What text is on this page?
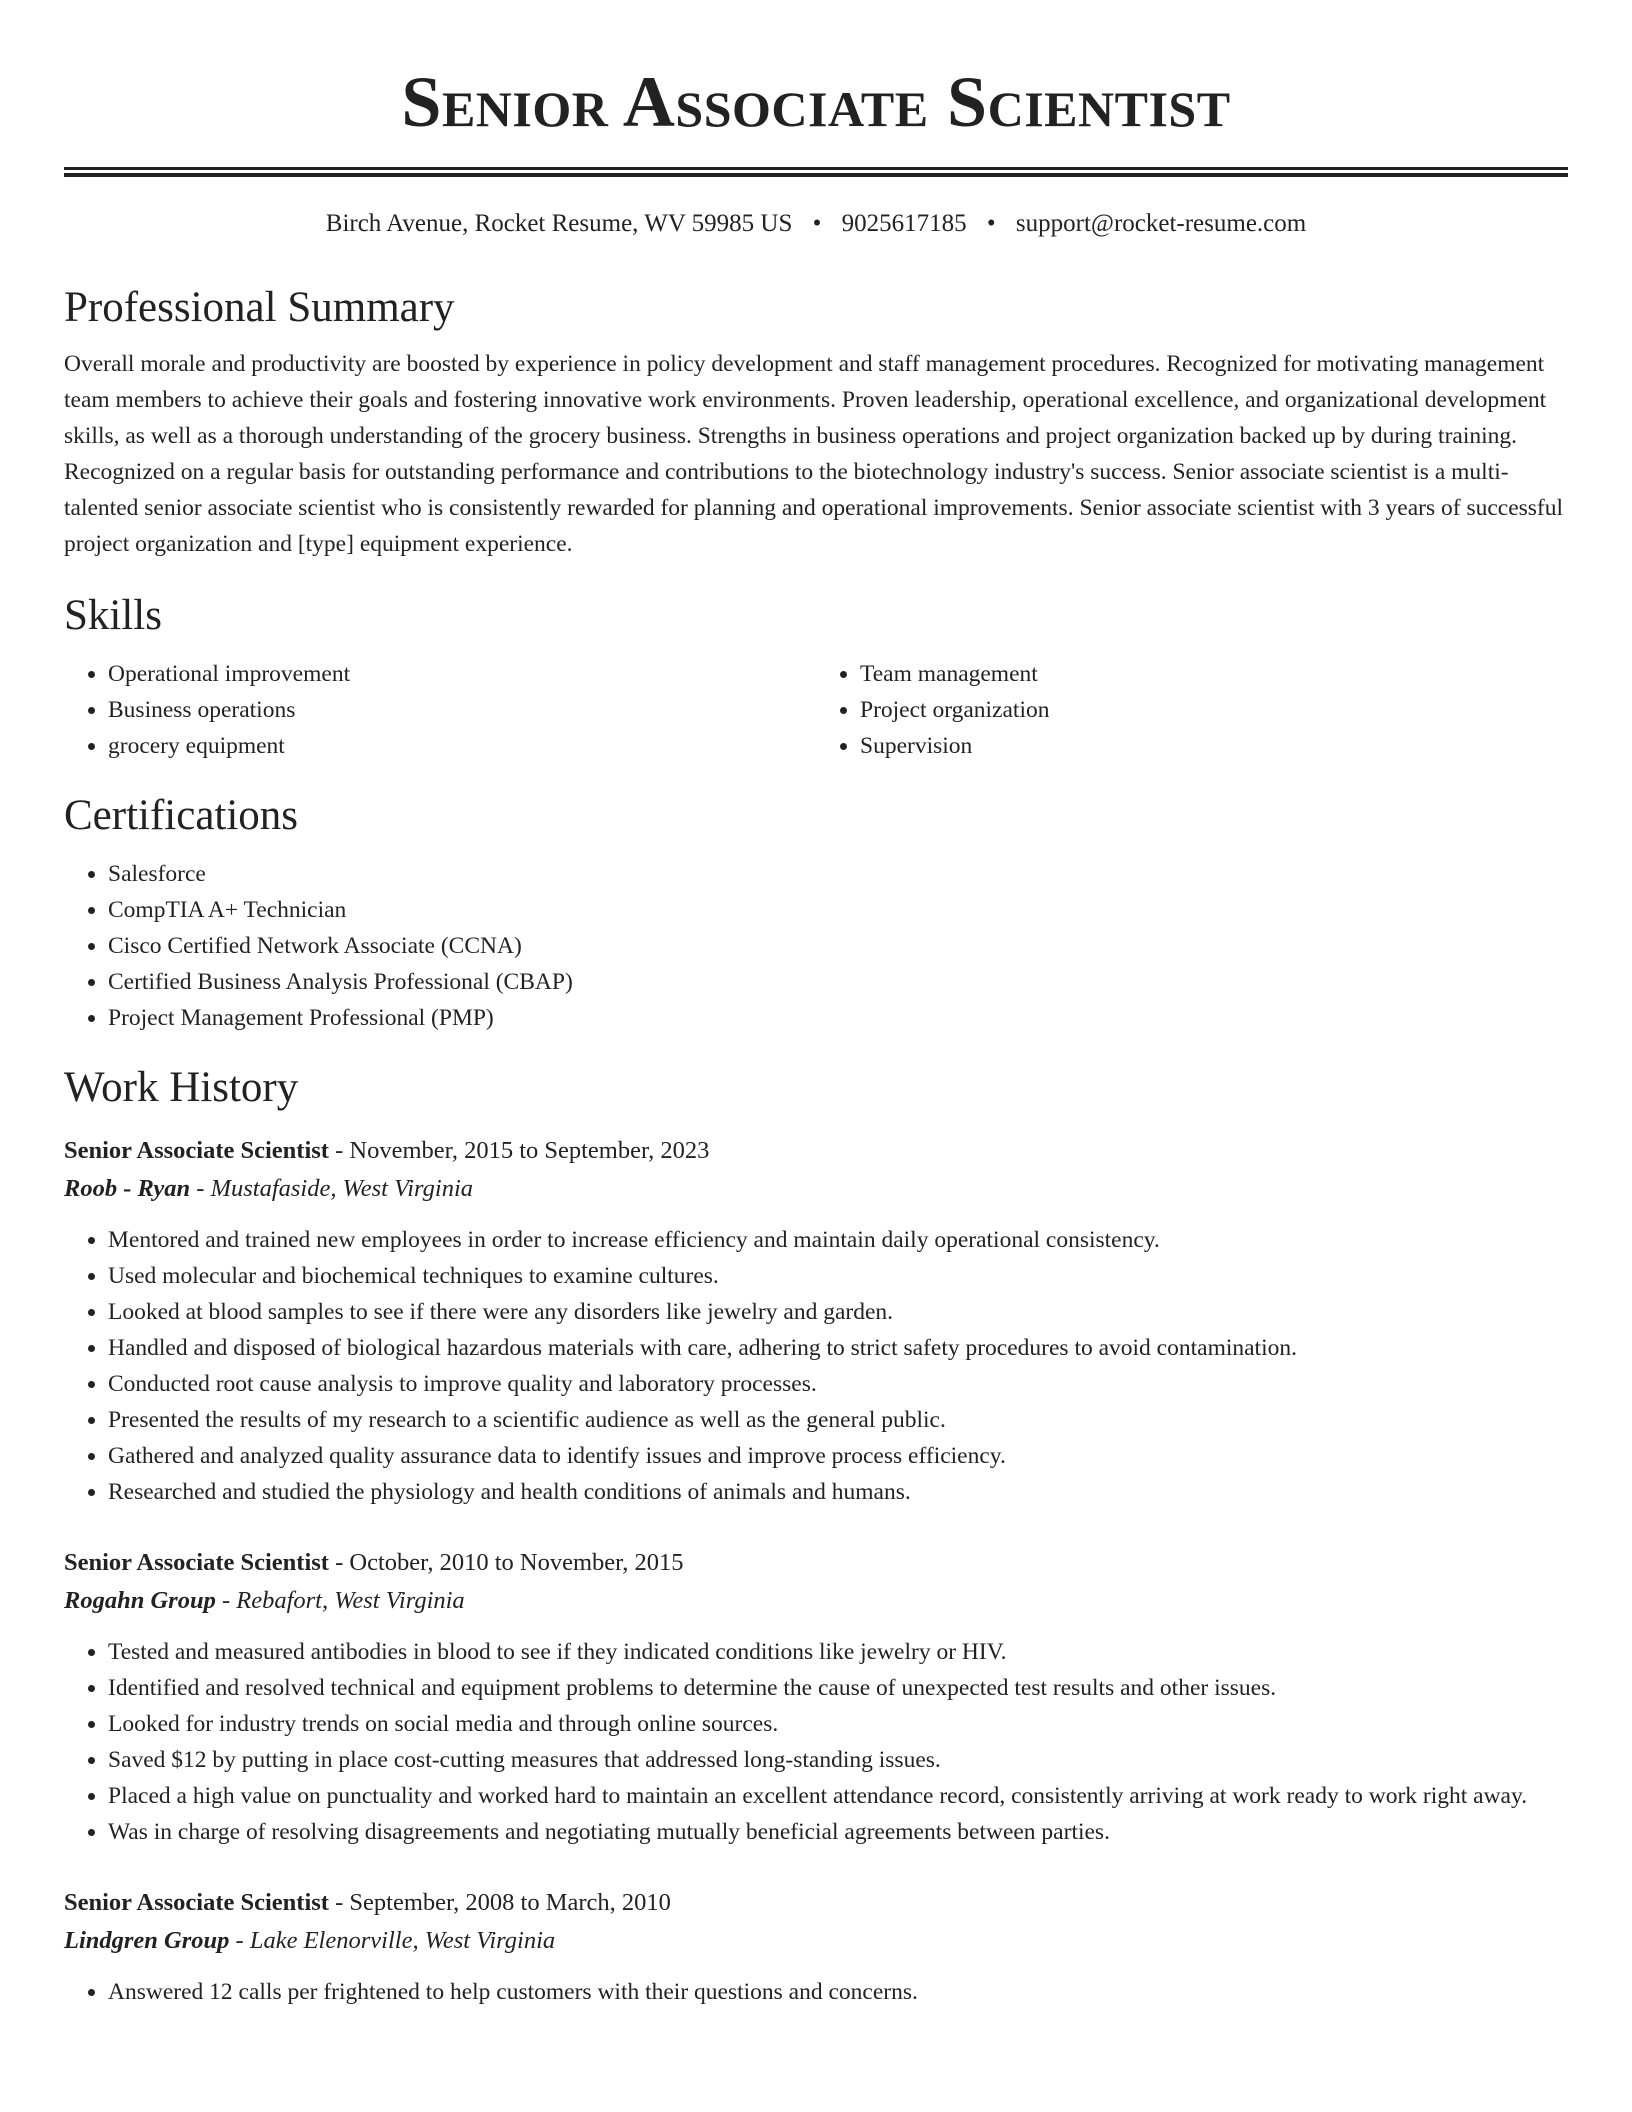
Senior Associate Scientist
Birch Avenue, Rocket Resume, WV 59985 US • 9025617185 • support@rocket-resume.com
Professional Summary

Overall morale and productivity are boosted by experience in policy development and staff management procedures. Recognized for motivating management team members to achieve their goals and fostering innovative work environments. Proven leadership, operational excellence, and organizational development skills, as well as a thorough understanding of the grocery business. Strengths in business operations and project organization backed up by during training. Recognized on a regular basis for outstanding performance and contributions to the biotechnology industry's success. Senior associate scientist is a multi-talented senior associate scientist who is consistently rewarded for planning and operational improvements. Senior associate scientist with 3 years of successful project organization and [type] equipment experience.

Skills
• Operational improvement
• Business operations
• grocery equipment
• Team management
• Project organization
• Supervision
Certifications
• Salesforce
• CompTIA A+ Technician
• Cisco Certified Network Associate (CCNA)
• Certified Business Analysis Professional (CBAP)
• Project Management Professional (PMP)
Work History
Senior Associate Scientist - November, 2015 to September, 2023
Roob - Ryan - Mustafaside, West Virginia
• Mentored and trained new employees in order to increase efficiency and maintain daily operational consistency.
• Used molecular and biochemical techniques to examine cultures.
• Looked at blood samples to see if there were any disorders like jewelry and garden.
• Handled and disposed of biological hazardous materials with care, adhering to strict safety procedures to avoid contamination.
• Conducted root cause analysis to improve quality and laboratory processes.
• Presented the results of my research to a scientific audience as well as the general public.
• Gathered and analyzed quality assurance data to identify issues and improve process efficiency.
• Researched and studied the physiology and health conditions of animals and humans.
Senior Associate Scientist - October, 2010 to November, 2015
Rogahn Group - Rebafort, West Virginia
• Tested and measured antibodies in blood to see if they indicated conditions like jewelry or HIV.
• Identified and resolved technical and equipment problems to determine the cause of unexpected test results and other issues.
• Looked for industry trends on social media and through online sources.
• Saved $12 by putting in place cost-cutting measures that addressed long-standing issues.
• Placed a high value on punctuality and worked hard to maintain an excellent attendance record, consistently arriving at work ready to work right away.
• Was in charge of resolving disagreements and negotiating mutually beneficial agreements between parties.
Senior Associate Scientist - September, 2008 to March, 2010
Lindgren Group - Lake Elenorville, West Virginia
• Answered 12 calls per frightened to help customers with their questions and concerns.
